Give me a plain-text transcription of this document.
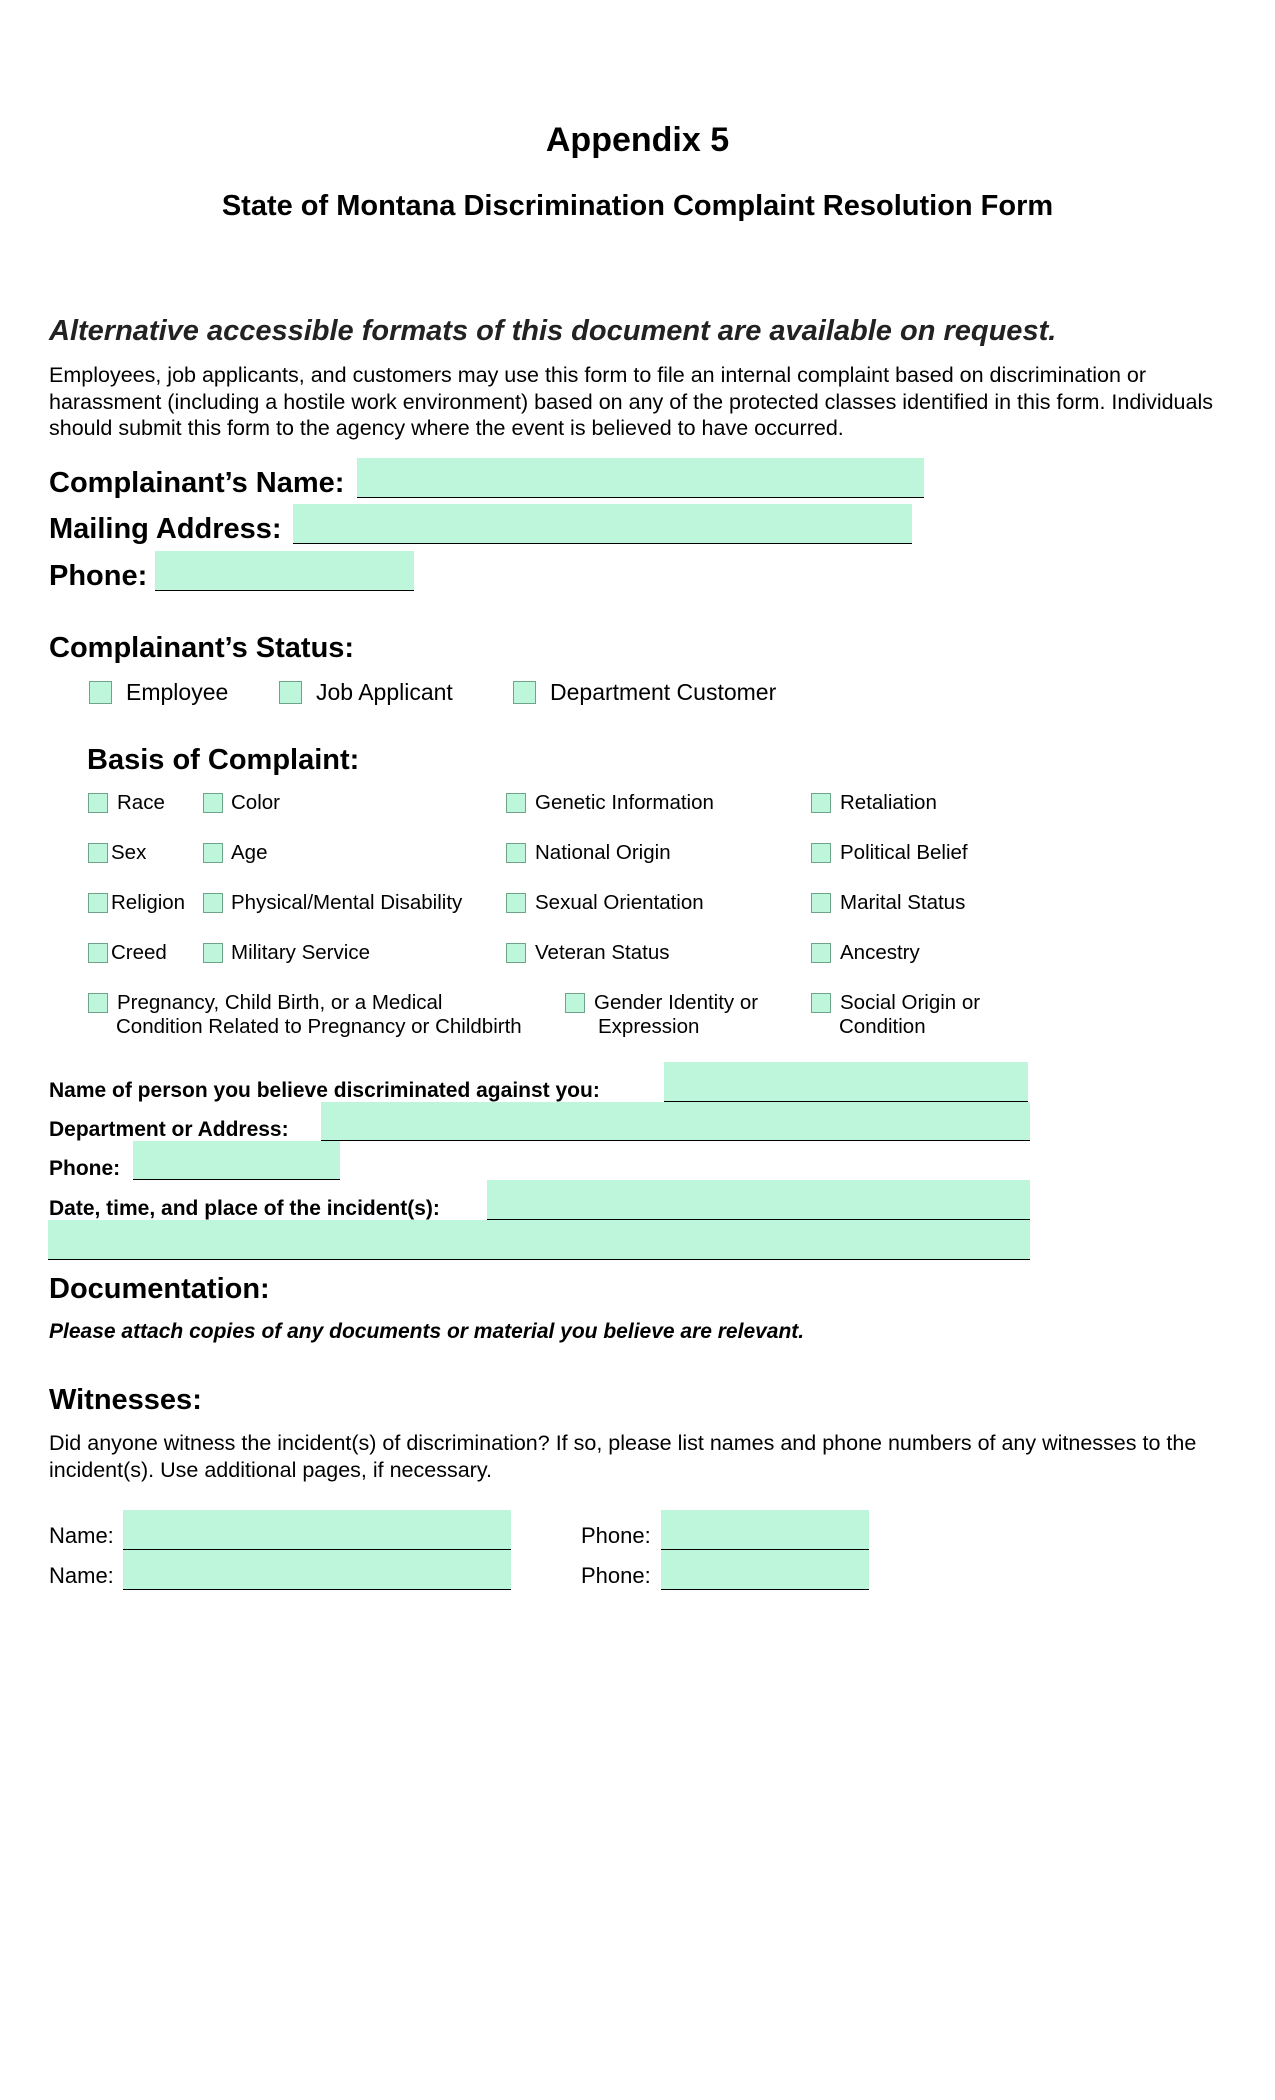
Appendix 5
State of Montana Discrimination Complaint Resolution Form
Alternative accessible formats of this document are available on request.
Employees, job applicants, and customers may use this form to file an internal complaint based on discrimination or harassment (including a hostile work environment) based on any of the protected classes identified in this form. Individuals should submit this form to the agency where the event is believed to have occurred.
Complainant’s Name:
Mailing Address:
Phone:
Complainant’s Status:
Employee	Job Applicant	Department Customer
Basis of Complaint:
Race	Color	Genetic Information	Retaliation
Sex	Age	National Origin	Political Belief
Religion Physical/Mental Disability	Sexual Orientation	Marital Status
Creed	Military Service	Veteran Status	Ancestry
Pregnancy, Child Birth, or a Medical
Condition Related to Pregnancy or Childbirth
Gender Identity or
Expression
Social Origin or
Condition
Name of person you believe discriminated against you:
Department or Address:
Phone:
Date, time, and place of the incident(s):
Documentation:
Please attach copies of any documents or material you believe are relevant.
Witnesses:
Did anyone witness the incident(s) of discrimination? If so, please list names and phone numbers of any witnesses to the incident(s). Use additional pages, if necessary.
Name:	Phone:
Name:	Phone:
